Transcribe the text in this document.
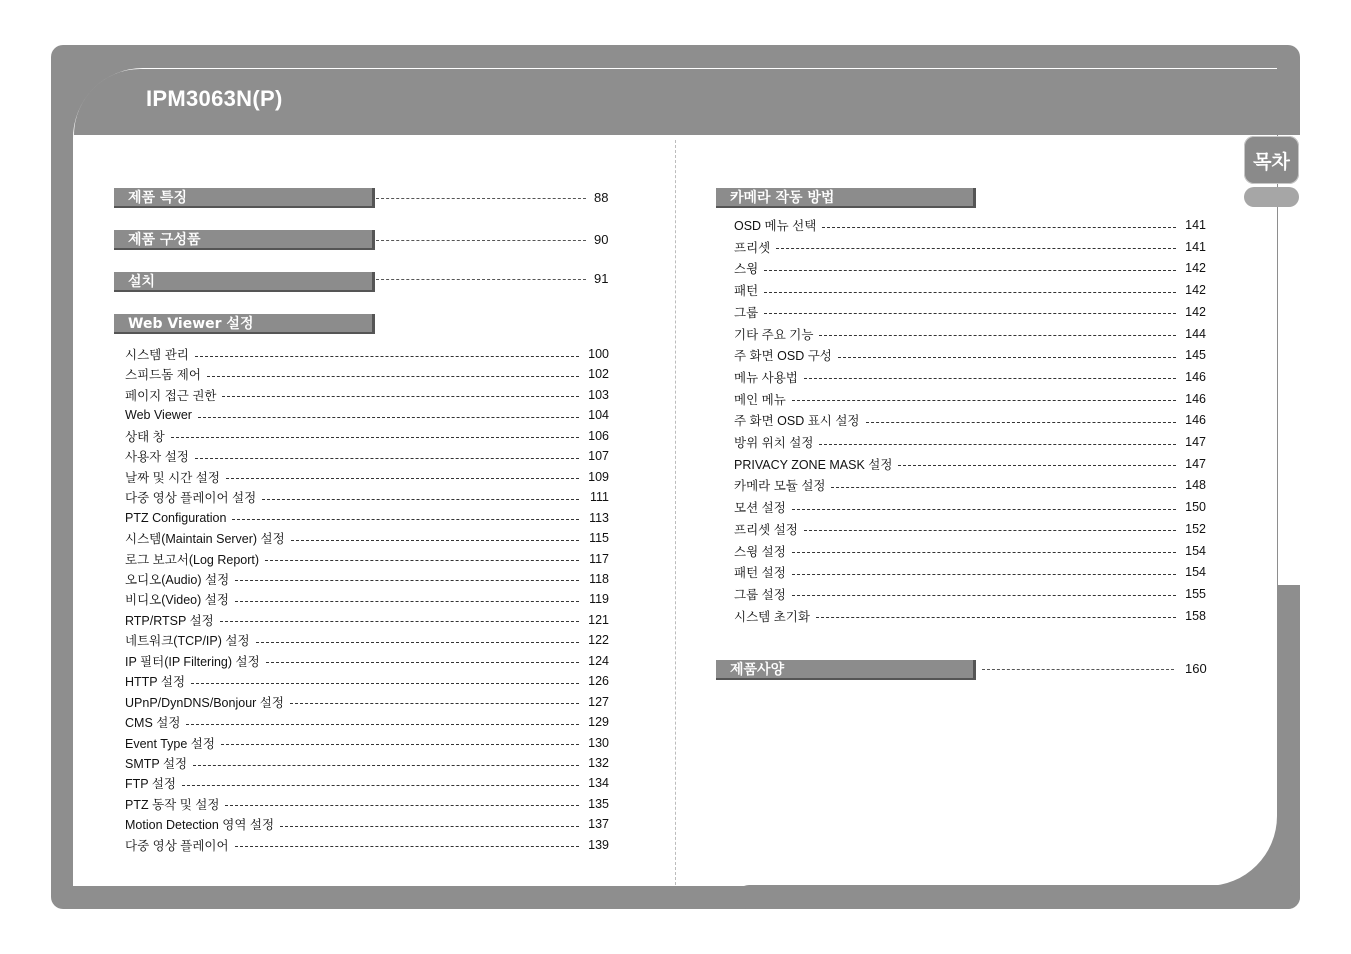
IPM3063N(P)
목차
제품 특징	88
제품 구성품	90
설치	91
Web Viewer 설정
시스템 관리	100
스피드돔 제어	102
페이지 접근 권한	103
Web Viewer	104
상태 창	106
사용자 설정	107
날짜 및 시간 설정	109
다중 영상 플레이어 설정	111
PTZ Configuration	113
시스템(Maintain Server) 설정	115
로그 보고서(Log Report)	117
오디오(Audio) 설정	118
비디오(Video) 설정	119
RTP/RTSP 설정	121
네트워크(TCP/IP) 설정	122
IP 필터(IP Filtering) 설정	124
HTTP 설정	126
UPnP/DynDNS/Bonjour 설정	127
CMS 설정	129
Event Type 설정	130
SMTP 설정	132
FTP 설정	134
PTZ 동작 및 설정	135
Motion Detection 영역 설정	137
다중 영상 플레이어	139
카메라 작동 방법
제품사양	160
OSD 메뉴 선택	141
프리셋	141
스윙	142
패턴	142
그룹	142
기타 주요 기능	144
주 화면 OSD 구성	145
메뉴 사용법	146
메인 메뉴	146
주 화면 OSD 표시 설정	146
방위 위치 설정	147
PRIVACY ZONE MASK 설정	147
카메라 모듈 설정	148
모션 설정	150
프리셋 설정	152
스윙 설정	154
패턴 설정	154
그룹 설정	155
시스템 초기화	158
